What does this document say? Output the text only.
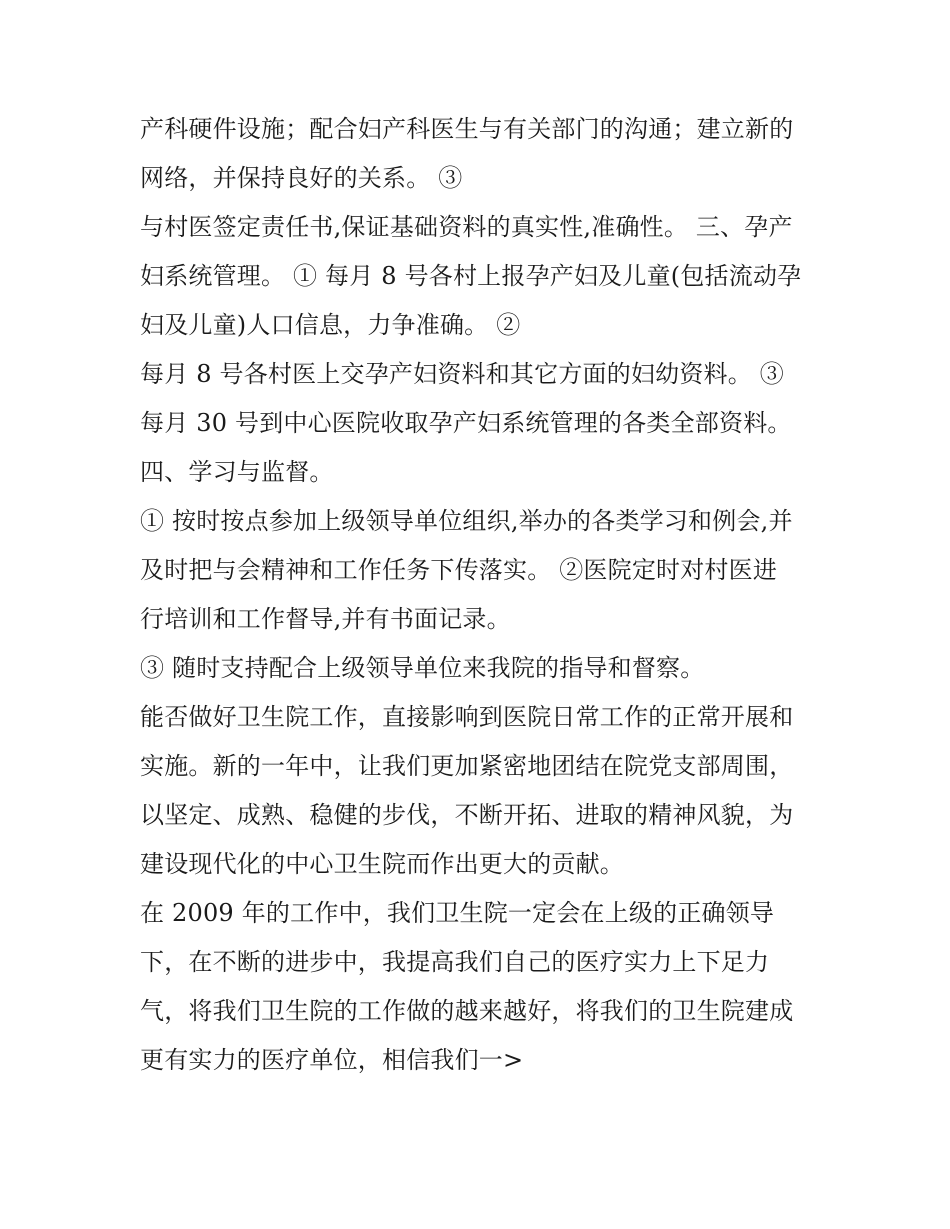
产科硬件设施；配合妇产科医生与有关部门的沟通；建立新的
网络，并保持良好的关系。 ③
与村医签定责任书,保证基础资料的真实性,准确性。 三、孕产
妇系统管理。 ① 每月 8 号各村上报孕产妇及儿童(包括流动孕
妇及儿童)人口信息，力争准确。 ②
每月 8 号各村医上交孕产妇资料和其它方面的妇幼资料。 ③
每月 30 号到中心医院收取孕产妇系统管理的各类全部资料。
四、学习与监督。
① 按时按点参加上级领导单位组织,举办的各类学习和例会,并
及时把与会精神和工作任务下传落实。 ②医院定时对村医进
行培训和工作督导,并有书面记录。
③ 随时支持配合上级领导单位来我院的指导和督察。
能否做好卫生院工作，直接影响到医院日常工作的正常开展和
实施。新的一年中，让我们更加紧密地团结在院党支部周围，
以坚定、成熟、稳健的步伐，不断开拓、进取的精神风貌，为
建设现代化的中心卫生院而作出更大的贡献。
在 2009 年的工作中，我们卫生院一定会在上级的正确领导
下，在不断的进步中，我提高我们自己的医疗实力上下足力
气，将我们卫生院的工作做的越来越好，将我们的卫生院建成
更有实力的医疗单位，相信我们一>
